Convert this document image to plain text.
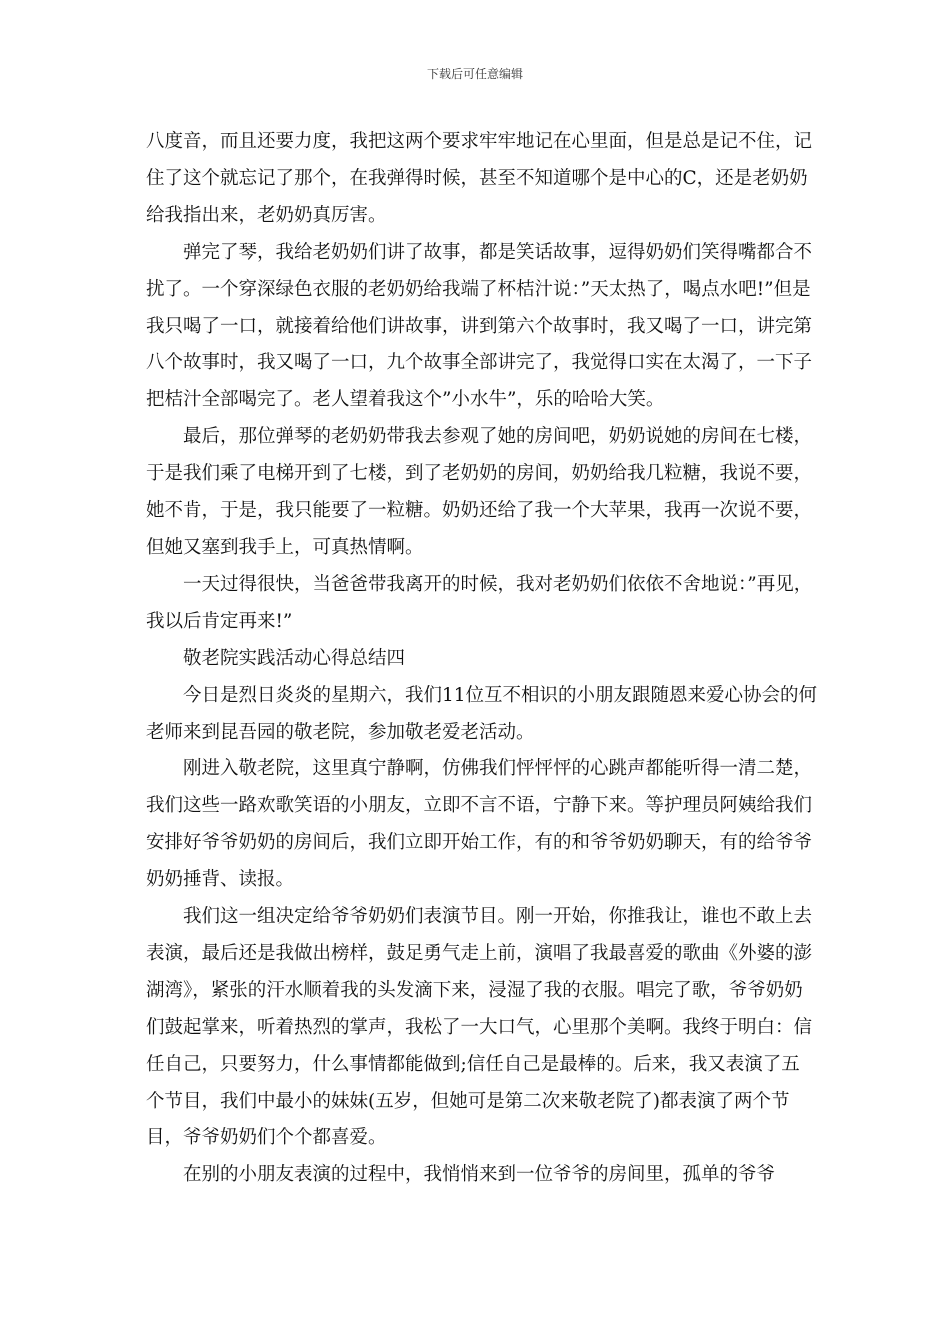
下载后可任意编辑

八度音，而且还要力度，我把这两个要求牢牢地记在心里面，但是总是记不住，记住了这个就忘记了那个，在我弹得时候，甚至不知道哪个是中心的C，还是老奶奶给我指出来，老奶奶真厉害。

弹完了琴，我给老奶奶们讲了故事，都是笑话故事，逗得奶奶们笑得嘴都合不扰了。一个穿深绿色衣服的老奶奶给我端了杯桔汁说：”天太热了，喝点水吧!”但是我只喝了一口，就接着给他们讲故事，讲到第六个故事时，我又喝了一口，讲完第八个故事时，我又喝了一口，九个故事全部讲完了，我觉得口实在太渴了，一下子把桔汁全部喝完了。老人望着我这个”小水牛”，乐的哈哈大笑。

最后，那位弹琴的老奶奶带我去参观了她的房间吧，奶奶说她的房间在七楼，于是我们乘了电梯开到了七楼，到了老奶奶的房间，奶奶给我几粒糖，我说不要，她不肯，于是，我只能要了一粒糖。奶奶还给了我一个大苹果，我再一次说不要，但她又塞到我手上，可真热情啊。

一天过得很快，当爸爸带我离开的时候，我对老奶奶们依依不舍地说：”再见，我以后肯定再来!”

敬老院实践活动心得总结四

今日是烈日炎炎的星期六，我们11位互不相识的小朋友跟随恩来爱心协会的何老师来到昆吾园的敬老院，参加敬老爱老活动。

刚进入敬老院，这里真宁静啊，仿佛我们怦怦怦的心跳声都能听得一清二楚，我们这些一路欢歌笑语的小朋友，立即不言不语，宁静下来。等护理员阿姨给我们安排好爷爷奶奶的房间后，我们立即开始工作，有的和爷爷奶奶聊天，有的给爷爷奶奶捶背、读报。

我们这一组决定给爷爷奶奶们表演节目。刚一开始，你推我让，谁也不敢上去表演，最后还是我做出榜样，鼓足勇气走上前，演唱了我最喜爱的歌曲《外婆的澎湖湾》，紧张的汗水顺着我的头发滴下来，浸湿了我的衣服。唱完了歌，爷爷奶奶们鼓起掌来，听着热烈的掌声，我松了一大口气，心里那个美啊。我终于明白：信任自己，只要努力，什么事情都能做到;信任自己是最棒的。后来，我又表演了五个节目，我们中最小的妹妹(五岁，但她可是第二次来敬老院了)都表演了两个节目，爷爷奶奶们个个都喜爱。

在别的小朋友表演的过程中，我悄悄来到一位爷爷的房间里，孤单的爷爷
